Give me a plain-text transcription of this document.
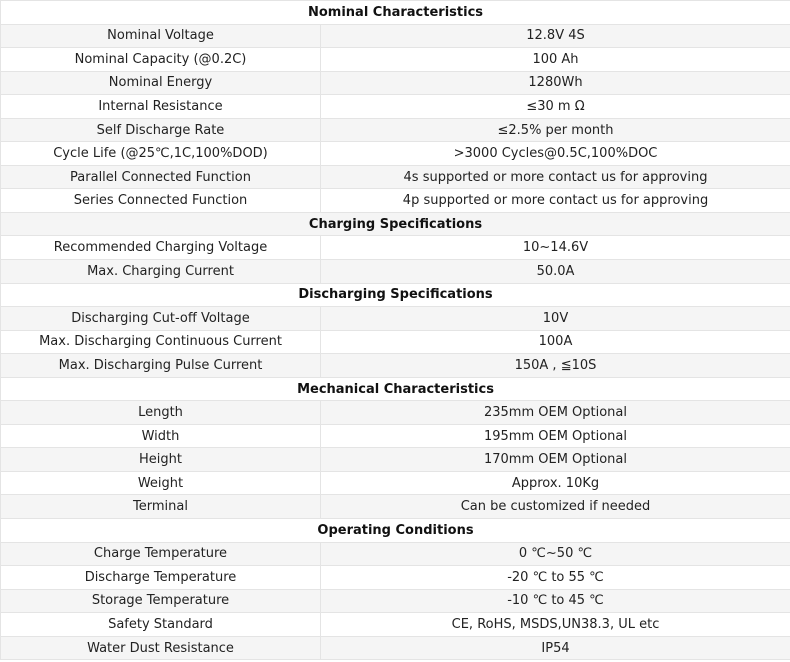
Nominal Characteristics	
Nominal Voltage	12.8V 4S
Nominal Capacity (@0.2C)	100 Ah
Nominal Energy	1280Wh
Internal Resistance	≤30 m Ω
Self Discharge Rate	≤2.5% per month
Cycle Life (@25℃,1C,100%DOD)	>3000 Cycles@0.5C,100%DOC
Parallel Connected Function	4s supported or more contact us for approving
Series Connected Function	4p supported or more contact us for approving
Charging Specifications	
Recommended Charging Voltage	10~14.6V
Max. Charging Current	50.0A
Discharging Specifications	
Discharging Cut-off Voltage	10V
Max. Discharging Continuous Current	100A
Max. Discharging Pulse Current	150A , ≦10S
Mechanical Characteristics	
Length	235mm OEM Optional
Width	195mm OEM Optional
Height	170mm OEM Optional
Weight	Approx. 10Kg
Terminal	Can be customized if needed
Operating Conditions	
Charge Temperature	0 ℃~50 ℃
Discharge Temperature	-20 ℃ to 55 ℃
Storage Temperature	-10 ℃ to 45 ℃
Safety Standard	CE, RoHS, MSDS,UN38.3, UL etc
Water Dust Resistance	IP54
